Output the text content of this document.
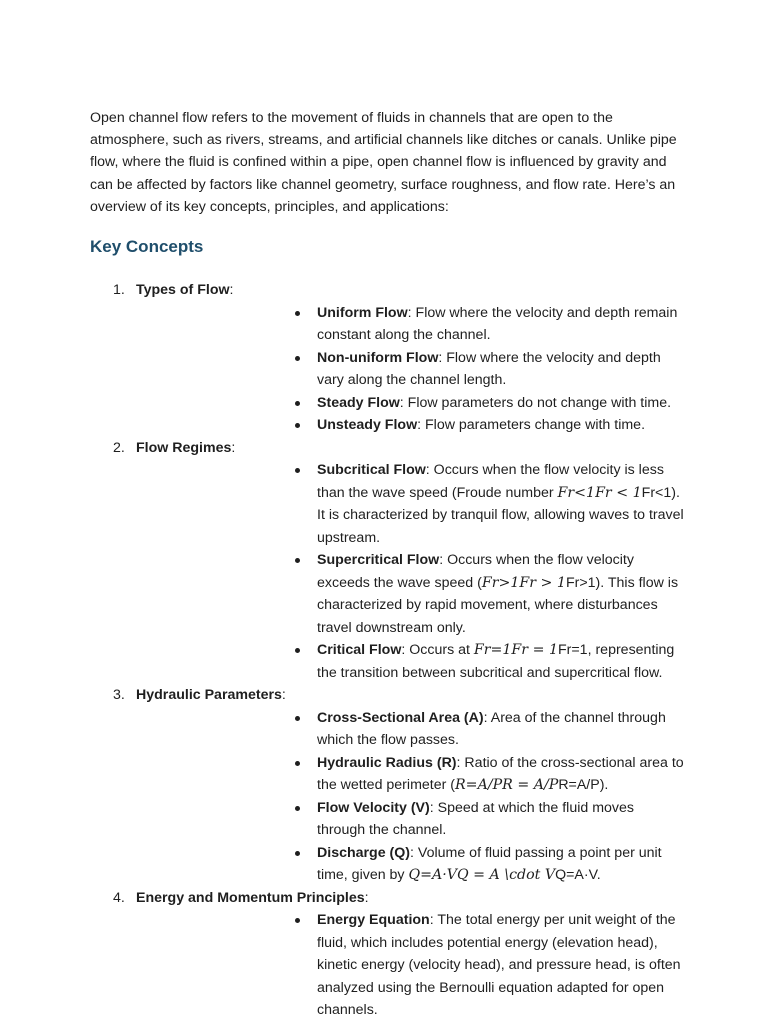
Open channel flow refers to the movement of fluids in channels that are open to the atmosphere, such as rivers, streams, and artificial channels like ditches or canals. Unlike pipe flow, where the fluid is confined within a pipe, open channel flow is influenced by gravity and can be affected by factors like channel geometry, surface roughness, and flow rate. Here’s an overview of its key concepts, principles, and applications:

Key Concepts
1. Types of Flow:
Uniform Flow: Flow where the velocity and depth remain constant along the channel.
Non-uniform Flow: Flow where the velocity and depth vary along the channel length.
Steady Flow: Flow parameters do not change with time.
Unsteady Flow: Flow parameters change with time.
2. Flow Regimes:
Subcritical Flow: Occurs when the flow velocity is less than the wave speed (Froude number Fr<1Fr < 1Fr<1). It is characterized by tranquil flow, allowing waves to travel upstream.
Supercritical Flow: Occurs when the flow velocity exceeds the wave speed (Fr>1Fr > 1Fr>1). This flow is characterized by rapid movement, where disturbances travel downstream only.
Critical Flow: Occurs at Fr=1Fr = 1Fr=1, representing the transition between subcritical and supercritical flow.
3. Hydraulic Parameters:
Cross-Sectional Area (A): Area of the channel through which the flow passes.
Hydraulic Radius (R): Ratio of the cross-sectional area to the wetted perimeter (R=A/PR = A/PR=A/P).
Flow Velocity (V): Speed at which the fluid moves through the channel.
Discharge (Q): Volume of fluid passing a point per unit time, given by Q=A·VQ = A \cdot VQ=A·V.
4. Energy and Momentum Principles:
Energy Equation: The total energy per unit weight of the fluid, which includes potential energy (elevation head), kinetic energy (velocity head), and pressure head, is often analyzed using the Bernoulli equation adapted for open channels.
